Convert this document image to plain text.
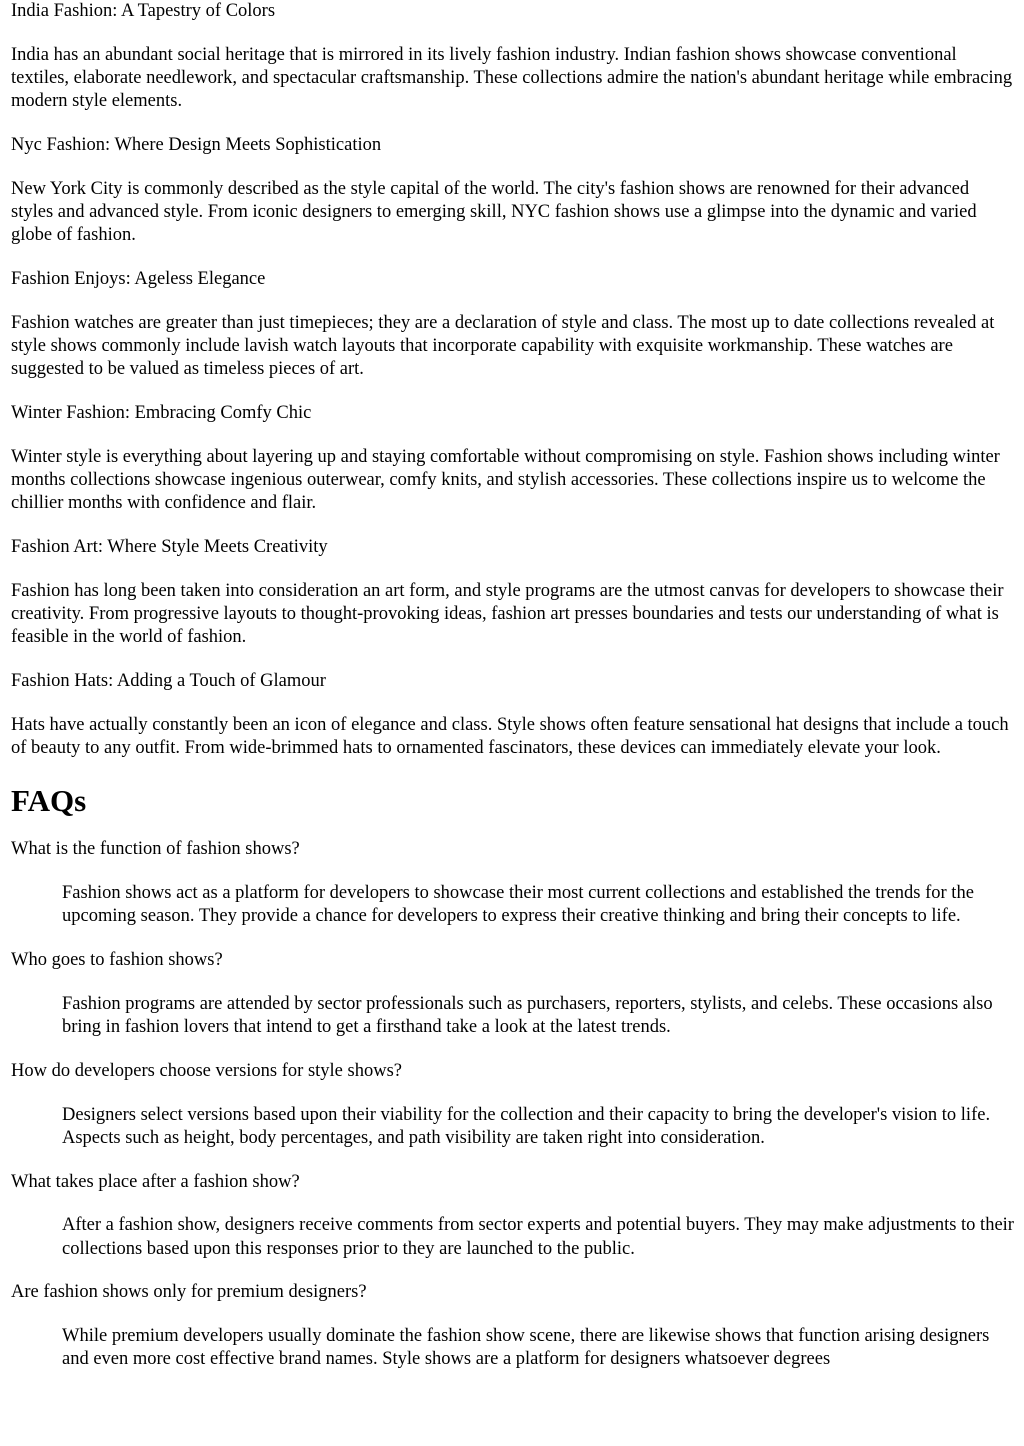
India Fashion: A Tapestry of Colors

India has an abundant social heritage that is mirrored in its lively fashion industry. Indian fashion shows showcase conventional textiles, elaborate needlework, and spectacular craftsmanship. These collections admire the nation's abundant heritage while embracing modern style elements.

Nyc Fashion: Where Design Meets Sophistication

New York City is commonly described as the style capital of the world. The city's fashion shows are renowned for their advanced styles and advanced style. From iconic designers to emerging skill, NYC fashion shows use a glimpse into the dynamic and varied globe of fashion.

Fashion Enjoys: Ageless Elegance

Fashion watches are greater than just timepieces; they are a declaration of style and class. The most up to date collections revealed at style shows commonly include lavish watch layouts that incorporate capability with exquisite workmanship. These watches are suggested to be valued as timeless pieces of art.

Winter Fashion: Embracing Comfy Chic

Winter style is everything about layering up and staying comfortable without compromising on style. Fashion shows including winter months collections showcase ingenious outerwear, comfy knits, and stylish accessories. These collections inspire us to welcome the chillier months with confidence and flair.

Fashion Art: Where Style Meets Creativity

Fashion has long been taken into consideration an art form, and style programs are the utmost canvas for developers to showcase their creativity. From progressive layouts to thought-provoking ideas, fashion art presses boundaries and tests our understanding of what is feasible in the world of fashion.

Fashion Hats: Adding a Touch of Glamour

Hats have actually constantly been an icon of elegance and class. Style shows often feature sensational hat designs that include a touch of beauty to any outfit. From wide-brimmed hats to ornamented fascinators, these devices can immediately elevate your look.

FAQs
What is the function of fashion shows?
Fashion shows act as a platform for developers to showcase their most current collections and established the trends for the upcoming season. They provide a chance for developers to express their creative thinking and bring their concepts to life.
Who goes to fashion shows?
Fashion programs are attended by sector professionals such as purchasers, reporters, stylists, and celebs. These occasions also bring in fashion lovers that intend to get a firsthand take a look at the latest trends.
How do developers choose versions for style shows?
Designers select versions based upon their viability for the collection and their capacity to bring the developer's vision to life. Aspects such as height, body percentages, and path visibility are taken right into consideration.
What takes place after a fashion show?
After a fashion show, designers receive comments from sector experts and potential buyers. They may make adjustments to their collections based upon this responses prior to they are launched to the public.
Are fashion shows only for premium designers?
While premium developers usually dominate the fashion show scene, there are likewise shows that function arising designers and even more cost effective brand names. Style shows are a platform for designers whatsoever degrees
